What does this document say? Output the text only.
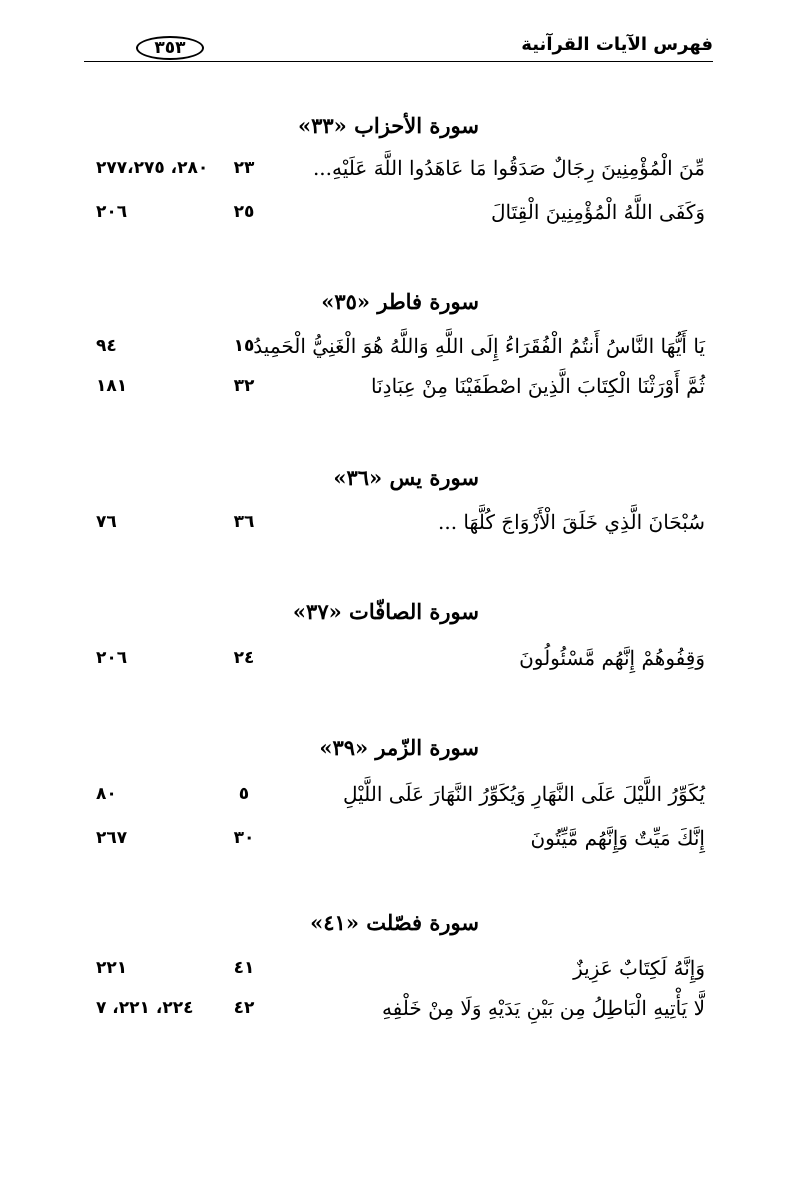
فهرس الآيات القرآنية
٣٥٣
سورة الأحزاب «٣٣»
مِّنَ الْمُؤْمِنِينَ رِجَالٌ صَدَقُوا مَا عَاهَدُوا اللَّهَ عَلَيْهِ...
٢٣
٢٨٠، ٢٧٧،٢٧٥
وَكَفَى اللَّهُ الْمُؤْمِنِينَ الْقِتَالَ
٢٥
٢٠٦
سورة فاطر «٣٥»
يَا أَيُّهَا النَّاسُ أَنتُمُ الْفُقَرَاءُ إِلَى اللَّهِ وَاللَّهُ هُوَ الْغَنِيُّ الْحَمِيدُ
١٥
٩٤
ثُمَّ أَوْرَثْنَا الْكِتَابَ الَّذِينَ اصْطَفَيْنَا مِنْ عِبَادِنَا
٣٢
١٨١
سورة يس «٣٦»
سُبْحَانَ الَّذِي خَلَقَ الْأَزْوَاجَ كُلَّهَا ...
٣٦
٧٦
سورة الصافّات «٣٧»
وَقِفُوهُمْ إِنَّهُم مَّسْئُولُونَ
٢٤
٢٠٦
سورة الزّمر «٣٩»
يُكَوِّرُ اللَّيْلَ عَلَى النَّهَارِ وَيُكَوِّرُ النَّهَارَ عَلَى اللَّيْلِ
٥
٨٠
إِنَّكَ مَيِّتٌ وَإِنَّهُم مَّيِّتُونَ
٣٠
٢٦٧
سورة فصّلت «٤١»
وَإِنَّهُ لَكِتَابٌ عَزِيزٌ
٤١
٢٢١
لَّا يَأْتِيهِ الْبَاطِلُ مِن بَيْنِ يَدَيْهِ وَلَا مِنْ خَلْفِهِ
٤٢
٢٢٤، ٢٢١، ٧
